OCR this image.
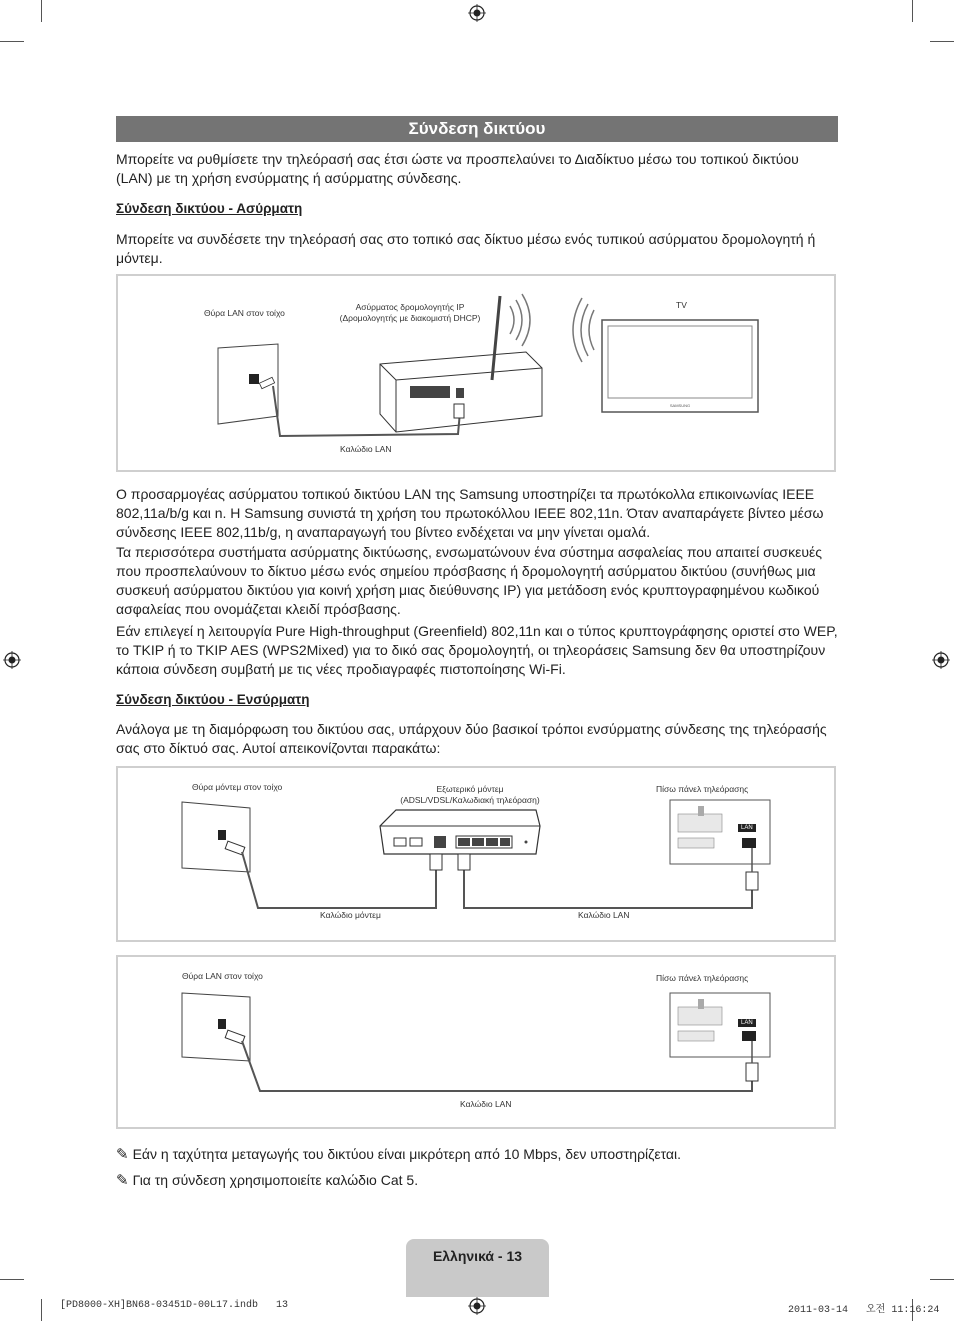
Σύνδεση δικτύου

Μπορείτε να ρυθμίσετε την τηλεόρασή σας έτσι ώστε να προσπελαύνει το Διαδίκτυο μέσω του τοπικού δικτύου (LAN) με τη χρήση ενσύρματης ή ασύρματης σύνδεσης.

Σύνδεση δικτύου - Ασύρματη

Μπορείτε να συνδέσετε την τηλεόρασή σας στο τοπικό σας δίκτυο μέσω ενός τυπικού ασύρματου δρομολογητή ή μόντεμ.

SAMSUNG
Θύρα LAN στον τοίχο
Ασύρματος δρομολογητής IP
(Δρομολογητής με διακομιστή DHCP)
TV
Καλώδιο LAN

Ο προσαρμογέας ασύρματου τοπικού δικτύου LAN της Samsung υποστηρίζει τα πρωτόκολλα επικοινωνίας IEEE 802,11a/b/g και n. Η Samsung συνιστά τη χρήση του πρωτοκόλλου IEEE 802,11n. Όταν αναπαράγετε βίντεο μέσω σύνδεσης IEEE 802,11b/g, η αναπαραγωγή του βίντεο ενδέχεται να μην γίνεται ομαλά.

Τα περισσότερα συστήματα ασύρματης δικτύωσης, ενσωματώνουν ένα σύστημα ασφαλείας που απαιτεί συσκευές που προσπελαύνουν το δίκτυο μέσω ενός σημείου πρόσβασης ή δρομολογητή ασύρματου δικτύου (συνήθως μια συσκευή ασύρματου δικτύου για κοινή χρήση μιας διεύθυνσης IP) για μετάδοση ενός κρυπτογραφημένου κωδικού ασφαλείας που ονομάζεται κλειδί πρόσβασης.

Εάν επιλεγεί η λειτουργία Pure High-throughput (Greenfield) 802,11n και ο τύπος κρυπτογράφησης οριστεί στο WEP, το TKIP ή το TKIP AES (WPS2Mixed) για το δικό σας δρομολογητή, οι τηλεοράσεις Samsung δεν θα υποστηρίζουν κάποια σύνδεση συμβατή με τις νέες προδιαγραφές πιστοποίησης Wi-Fi.

Σύνδεση δικτύου - Ενσύρματη

Ανάλογα με τη διαμόρφωση του δικτύου σας, υπάρχουν δύο βασικοί τρόποι ενσύρματης σύνδεσης της τηλεόρασής σας στο δίκτυό σας. Αυτοί απεικονίζονται παρακάτω:

Θύρα μόντεμ στον τοίχο	Εξωτερικό μόντεμ
(ADSL/VDSL/Καλωδιακή τηλεόραση)
Πίσω πάνελ τηλεόρασης
LAN
Καλώδιο μόντεμ	Καλώδιο LAN
Θύρα LAN στον τοίχο	Πίσω πάνελ τηλεόρασης
LAN
Καλώδιο LAN
✎ Εάν η ταχύτητα μεταγωγής του δικτύου είναι μικρότερη από 10 Mbps, δεν υποστηρίζεται.
✎ Για τη σύνδεση χρησιμοποιείτε καλώδιο Cat 5.
Ελληνικά - 13
[PD8000-XH]BN68-03451D-00L17.indb   13	2011-03-14   오전 11:16:24
